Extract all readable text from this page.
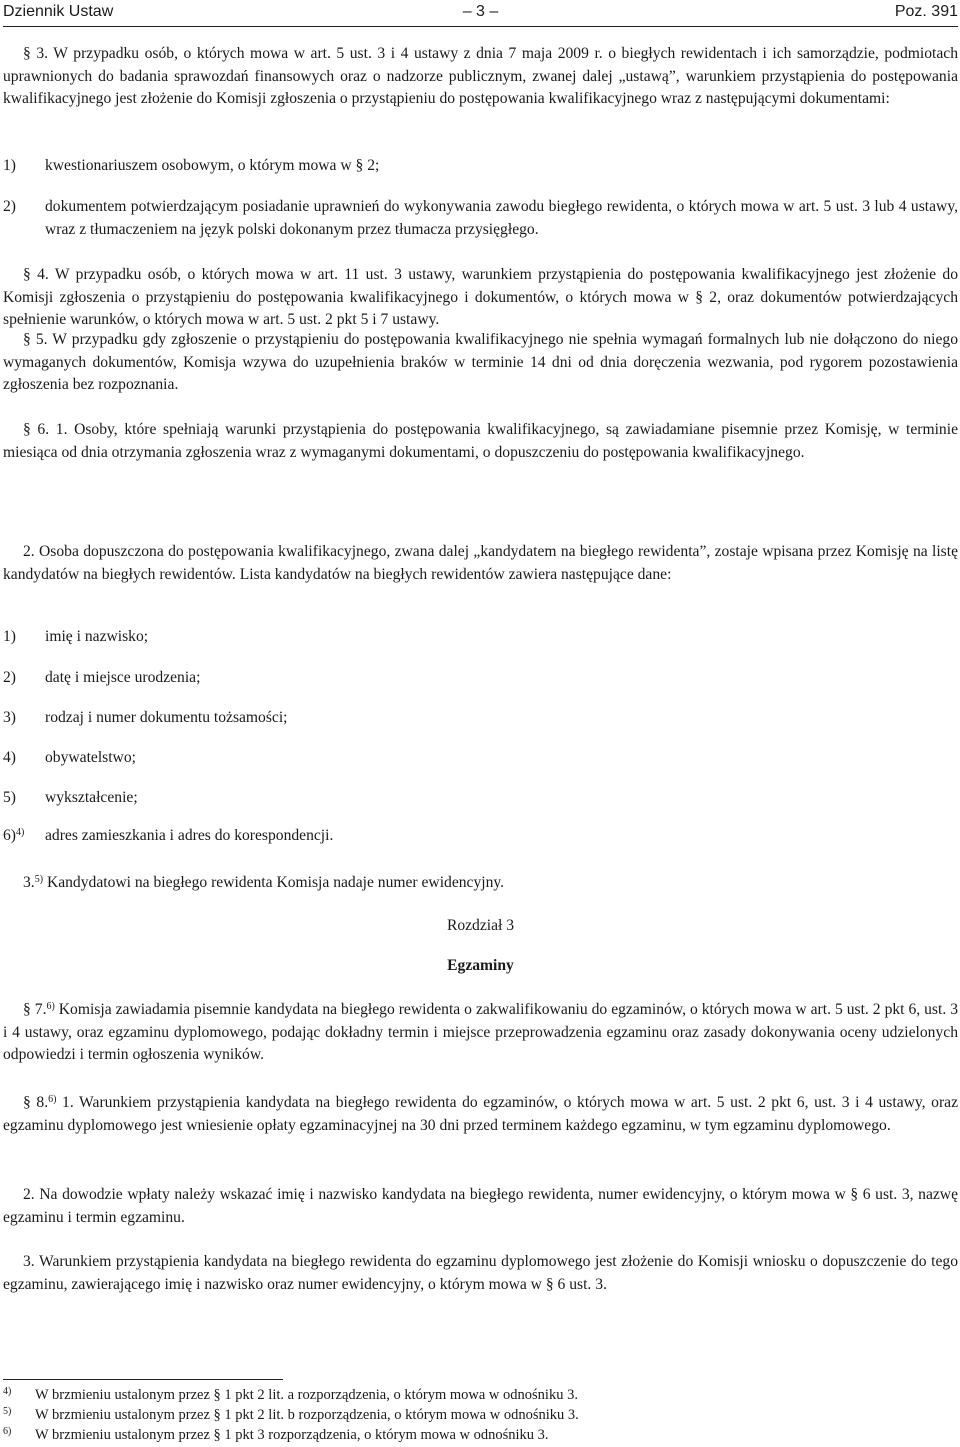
Dziennik Ustaw	– 3 –	Poz. 391

§ 3. W przypadku osób, o których mowa w art. 5 ust. 3 i 4 ustawy z dnia 7 maja 2009 r. o biegłych rewidentach i ich samorządzie, podmiotach uprawnionych do badania sprawozdań finansowych oraz o nadzorze publicznym, zwanej dalej „ustawą”, warunkiem przystąpienia do postępowania kwalifikacyjnego jest złożenie do Komisji zgłoszenia o przystąpieniu do postępowania kwalifikacyjnego wraz z następującymi dokumentami:

1)	kwestionariuszem osobowym, o którym mowa w § 2;
2)	dokumentem potwierdzającym posiadanie uprawnień do wykonywania zawodu biegłego rewidenta, o których mowa w art. 5 ust. 3 lub 4 ustawy, wraz z tłumaczeniem na język polski dokonanym przez tłumacza przysięgłego.

§ 4. W przypadku osób, o których mowa w art. 11 ust. 3 ustawy, warunkiem przystąpienia do postępowania kwalifikacyjnego jest złożenie do Komisji zgłoszenia o przystąpieniu do postępowania kwalifikacyjnego i dokumentów, o których mowa w § 2, oraz dokumentów potwierdzających spełnienie warunków, o których mowa w art. 5 ust. 2 pkt 5 i 7 ustawy.

§ 5. W przypadku gdy zgłoszenie o przystąpieniu do postępowania kwalifikacyjnego nie spełnia wymagań formalnych lub nie dołączono do niego wymaganych dokumentów, Komisja wzywa do uzupełnienia braków w terminie 14 dni od dnia doręczenia wezwania, pod rygorem pozostawienia zgłoszenia bez rozpoznania.

§ 6. 1. Osoby, które spełniają warunki przystąpienia do postępowania kwalifikacyjnego, są zawiadamiane pisemnie przez Komisję, w terminie miesiąca od dnia otrzymania zgłoszenia wraz z wymaganymi dokumentami, o dopuszczeniu do postępowania kwalifikacyjnego.

2. Osoba dopuszczona do postępowania kwalifikacyjnego, zwana dalej „kandydatem na biegłego rewidenta”, zostaje wpisana przez Komisję na listę kandydatów na biegłych rewidentów. Lista kandydatów na biegłych rewidentów zawiera następujące dane:

1)	imię i nazwisko;
2)	datę i miejsce urodzenia;
3)	rodzaj i numer dokumentu tożsamości;
4)	obywatelstwo;
5)	wykształcenie;
6)$^{4)}$	adres zamieszkania i adres do korespondencji.

3.$^{5)}$ Kandydatowi na biegłego rewidenta Komisja nadaje numer ewidencyjny.

Rozdział 3
Egzaminy

§ 7.$^{6)}$ Komisja zawiadamia pisemnie kandydata na biegłego rewidenta o zakwalifikowaniu do egzaminów, o których mowa w art. 5 ust. 2 pkt 6, ust. 3 i 4 ustawy, oraz egzaminu dyplomowego, podając dokładny termin i miejsce przeprowadzenia egzaminu oraz zasady dokonywania oceny udzielonych odpowiedzi i termin ogłoszenia wyników.

§ 8.$^{6)}$ 1. Warunkiem przystąpienia kandydata na biegłego rewidenta do egzaminów, o których mowa w art. 5 ust. 2 pkt 6, ust. 3 i 4 ustawy, oraz egzaminu dyplomowego jest wniesienie opłaty egzaminacyjnej na 30 dni przed terminem każdego egzaminu, w tym egzaminu dyplomowego.

2. Na dowodzie wpłaty należy wskazać imię i nazwisko kandydata na biegłego rewidenta, numer ewidencyjny, o którym mowa w § 6 ust. 3, nazwę egzaminu i termin egzaminu.

3. Warunkiem przystąpienia kandydata na biegłego rewidenta do egzaminu dyplomowego jest złożenie do Komisji wniosku o dopuszczenie do tego egzaminu, zawierającego imię i nazwisko oraz numer ewidencyjny, o którym mowa w § 6 ust. 3.

4)	W brzmieniu ustalonym przez § 1 pkt 2 lit. a rozporządzenia, o którym mowa w odnośniku 3.
5)	W brzmieniu ustalonym przez § 1 pkt 2 lit. b rozporządzenia, o którym mowa w odnośniku 3.
6)	W brzmieniu ustalonym przez § 1 pkt 3 rozporządzenia, o którym mowa w odnośniku 3.
